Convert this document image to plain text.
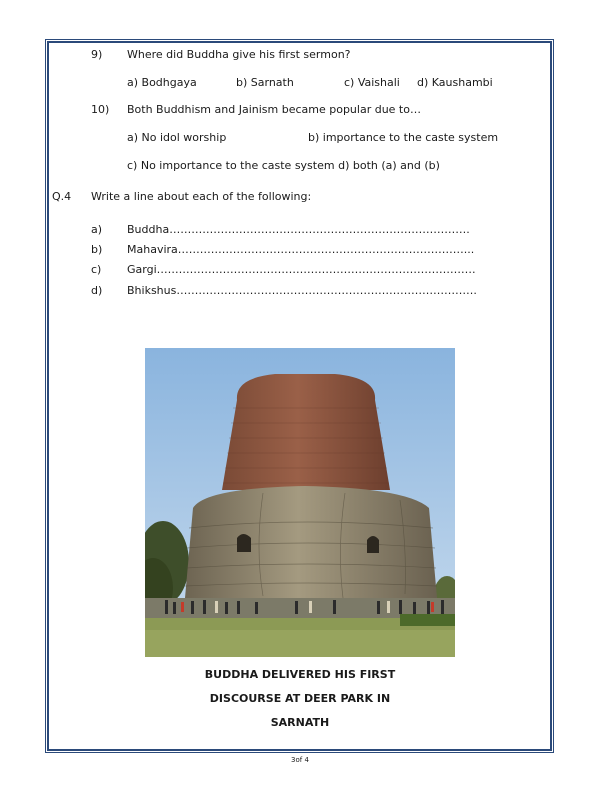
9) Where did Buddha give his first sermon?
a) Bodhgaya	b) Sarnath	c) Vaishali d) Kaushambi
10) Both Buddhism and Jainism became popular due to…
a) No idol worship	b) importance to the caste system
c) No importance to the caste system d) both (a) and (b)
Q.4 Write a line about each of the following:
a) Buddha……………………………………………………………………….
b) Mahavira……………………………………………………………………...
c) Gargi……………………………………………………………………………
d) Bhikshus……………………………………………………………………….
BUDDHA DELIVERED HIS FIRST
DISCOURSE AT DEER PARK IN
SARNATH
3of 4
